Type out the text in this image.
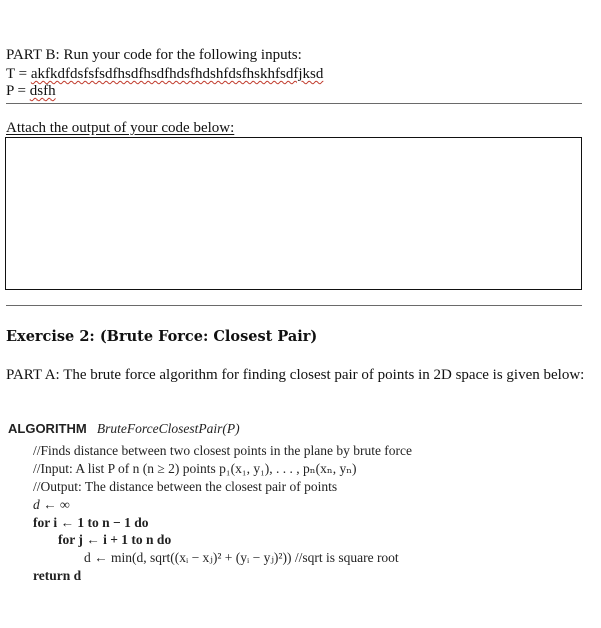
PART B: Run your code for the following inputs:
T = akfkdfdsfsfsdfhsdfhsdfhdsfhdshfdsfhskhfsdfjksd
P = dsfh
Attach the output of your code below:
Exercise 2: (Brute Force: Closest Pair)
PART A: The brute force algorithm for finding closest pair of points in 2D space is given below:
ALGORITHM BruteForceClosestPair(P)
//Finds distance between two closest points in the plane by brute force
//Input: A list P of n (n ≥ 2) points p₁(x₁, y₁), . . . , pₙ(xₙ, yₙ)
//Output: The distance between the closest pair of points
d ← ∞
for i ← 1 to n − 1 do
for j ← i + 1 to n do
d ← min(d, sqrt((xᵢ − xⱼ)² + (yᵢ − yⱼ)²)) //sqrt is square root
return d
